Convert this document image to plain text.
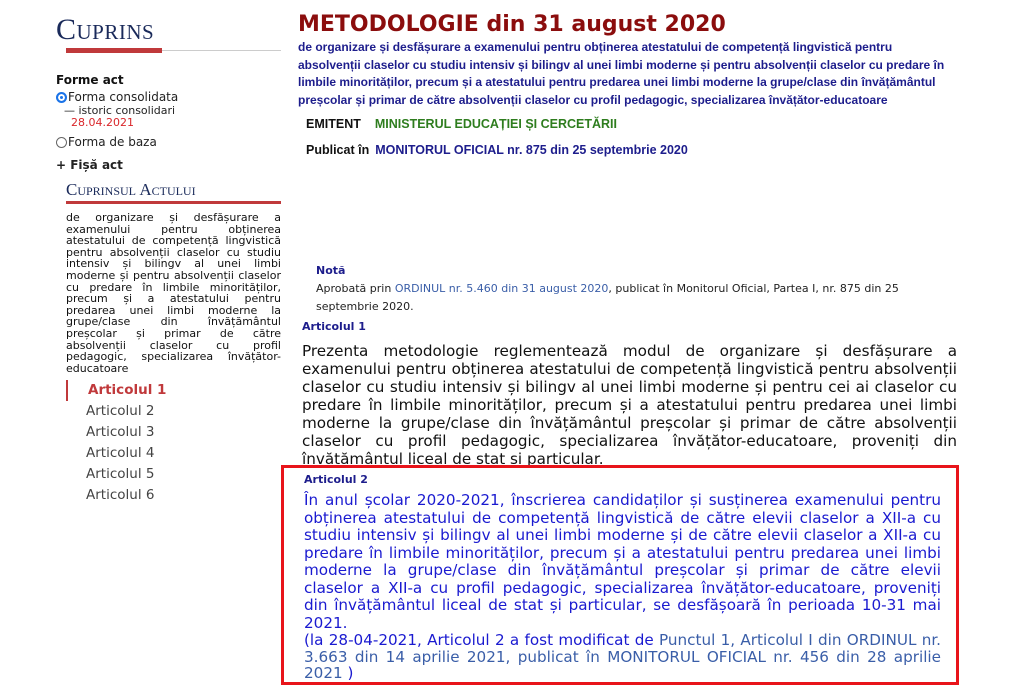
Cuprins
Forme act
Forma consolidata
— istoric consolidari
28.04.2021
Forma de baza
+ Fișă act
Cuprinsul Actului
de organizare și desfășurare a examenului pentru obținerea atestatului de competență lingvistică pentru absolvenții claselor cu studiu intensiv și bilingv al unei limbi moderne și pentru absolvenții claselor cu predare în limbile minorităților, precum și a atestatului pentru predarea unei limbi moderne la grupe/clase din învățământul preșcolar și primar de către absolvenții claselor cu profil pedagogic, specializarea învățător-educatoare
Articolul 1
Articolul 2
Articolul 3
Articolul 4
Articolul 5
Articolul 6
METODOLOGIE din 31 august 2020
de organizare și desfășurare a examenului pentru obținerea atestatului de competență lingvistică pentru absolvenții claselor cu studiu intensiv și bilingv al unei limbi moderne și pentru absolvenții claselor cu predare în limbile minorităților, precum și a atestatului pentru predarea unei limbi moderne la grupe/clase din învățământul preșcolar și primar de către absolvenții claselor cu profil pedagogic, specializarea învățător-educatoare
EMITENT MINISTERUL EDUCAȚIEI ȘI CERCETĂRII
Publicat în MONITORUL OFICIAL nr. 875 din 25 septembrie 2020
Notă
Aprobată prin ORDINUL nr. 5.460 din 31 august 2020, publicat în Monitorul Oficial, Partea I, nr. 875 din 25 septembrie 2020.
Articolul 1
Prezenta metodologie reglementează modul de organizare și desfășurare a examenului pentru obținerea atestatului de competență lingvistică pentru absolvenții claselor cu studiu intensiv și bilingv al unei limbi moderne și pentru cei ai claselor cu predare în limbile minorităților, precum și a atestatului pentru predarea unei limbi moderne la grupe/clase din învățământul preșcolar și primar de către absolvenții claselor cu profil pedagogic, specializarea învățător-educatoare, proveniți din învățământul liceal de stat și particular.
Articolul 2
În anul școlar 2020-2021, înscrierea candidaților și susținerea examenului pentru obținerea atestatului de competență lingvistică de către elevii claselor a XII-a cu studiu intensiv și bilingv al unei limbi moderne și de către elevii claselor a XII-a cu predare în limbile minorităților, precum și a atestatului pentru predarea unei limbi moderne la grupe/clase din învățământul preșcolar și primar de către elevii claselor a XII-a cu profil pedagogic, specializarea învățător-educatoare, proveniți din învățământul liceal de stat și particular, se desfășoară în perioada 10-31 mai 2021.
(la 28-04-2021, Articolul 2 a fost modificat de Punctul 1, Articolul I din ORDINUL nr. 3.663 din 14 aprilie 2021, publicat în MONITORUL OFICIAL nr. 456 din 28 aprilie 2021 )
